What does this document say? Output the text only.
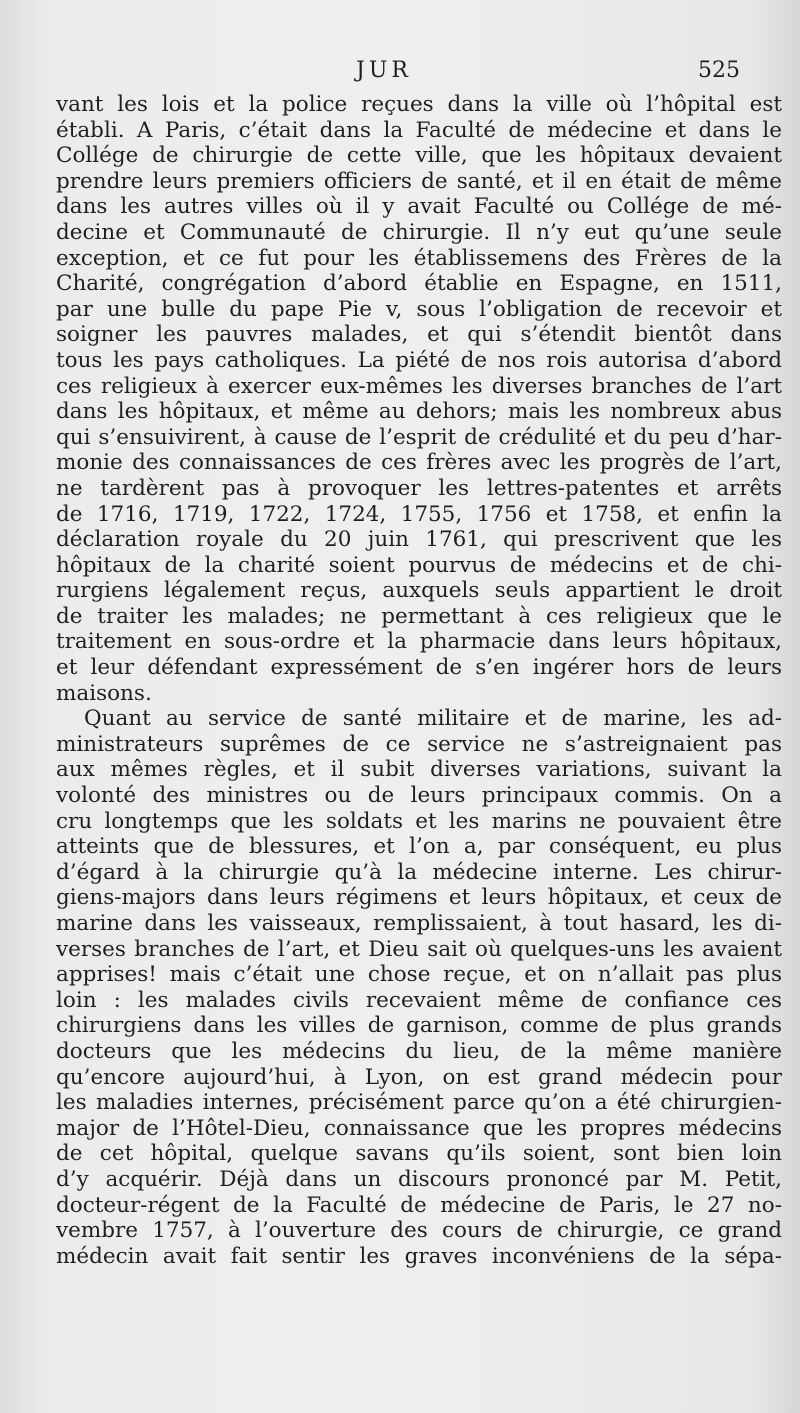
JUR	525
vant les lois et la police reçues dans la ville où l’hôpital est
établi. A Paris, c’était dans la Faculté de médecine et dans le
Collége de chirurgie de cette ville, que les hôpitaux devaient
prendre leurs premiers officiers de santé, et il en était de même
dans les autres villes où il y avait Faculté ou Collége de mé-
decine et Communauté de chirurgie. Il n’y eut qu’une seule
exception, et ce fut pour les établissemens des Frères de la
Charité, congrégation d’abord établie en Espagne, en 1511,
par une bulle du pape Pie v, sous l’obligation de recevoir et
soigner les pauvres malades, et qui s’étendit bientôt dans
tous les pays catholiques. La piété de nos rois autorisa d’abord
ces religieux à exercer eux-mêmes les diverses branches de l’art
dans les hôpitaux, et même au dehors; mais les nombreux abus
qui s’ensuivirent, à cause de l’esprit de crédulité et du peu d’har-
monie des connaissances de ces frères avec les progrès de l’art,
ne tardèrent pas à provoquer les lettres-patentes et arrêts
de 1716, 1719, 1722, 1724, 1755, 1756 et 1758, et enfin la
déclaration royale du 20 juin 1761, qui prescrivent que les
hôpitaux de la charité soient pourvus de médecins et de chi-
rurgiens légalement reçus, auxquels seuls appartient le droit
de traiter les malades; ne permettant à ces religieux que le
traitement en sous-ordre et la pharmacie dans leurs hôpitaux,
et leur défendant expressément de s’en ingérer hors de leurs
maisons.
Quant au service de santé militaire et de marine, les ad-
ministrateurs suprêmes de ce service ne s’astreignaient pas
aux mêmes règles, et il subit diverses variations, suivant la
volonté des ministres ou de leurs principaux commis. On a
cru longtemps que les soldats et les marins ne pouvaient être
atteints que de blessures, et l’on a, par conséquent, eu plus
d’égard à la chirurgie qu’à la médecine interne. Les chirur-
giens-majors dans leurs régimens et leurs hôpitaux, et ceux de
marine dans les vaisseaux, remplissaient, à tout hasard, les di-
verses branches de l’art, et Dieu sait où quelques-uns les avaient
apprises! mais c’était une chose reçue, et on n’allait pas plus
loin : les malades civils recevaient même de confiance ces
chirurgiens dans les villes de garnison, comme de plus grands
docteurs que les médecins du lieu, de la même manière
qu’encore aujourd’hui, à Lyon, on est grand médecin pour
les maladies internes, précisément parce qu’on a été chirurgien-
major de l’Hôtel-Dieu, connaissance que les propres médecins
de cet hôpital, quelque savans qu’ils soient, sont bien loin
d’y acquérir. Déjà dans un discours prononcé par M. Petit,
docteur-régent de la Faculté de médecine de Paris, le 27 no-
vembre 1757, à l’ouverture des cours de chirurgie, ce grand
médecin avait fait sentir les graves inconvéniens de la sépa-
